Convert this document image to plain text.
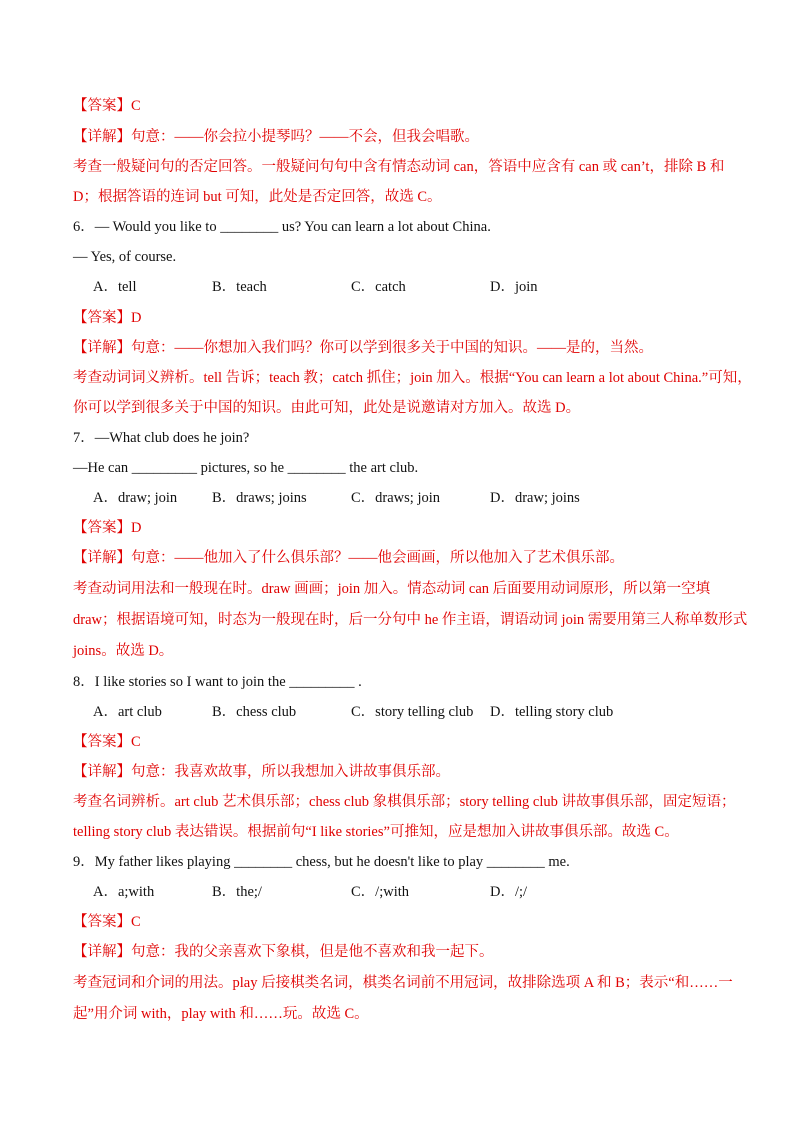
【答案】C
【详解】句意：——你会拉小提琴吗？——不会，但我会唱歌。
考查一般疑问句的否定回答。一般疑问句句中含有情态动词 can，答语中应含有 can 或 can’t，排除 B 和
D；根据答语的连词 but 可知，此处是否定回答，故选 C。
6．— Would you like to ________ us? You can learn a lot about China.
— Yes, of course.
A．tell	B．teach	C．catch	D．join
【答案】D
【详解】句意：——你想加入我们吗？你可以学到很多关于中国的知识。——是的，当然。
考查动词词义辨析。tell 告诉；teach 教；catch 抓住；join 加入。根据“You can learn a lot about China.”可知，
你可以学到很多关于中国的知识。由此可知，此处是说邀请对方加入。故选 D。
7．—What club does he join?
—He can _________ pictures, so he ________ the art club.
A．draw; join B．draws; joins	C．draws; join	D．draw; joins
【答案】D
【详解】句意：——他加入了什么俱乐部？——他会画画，所以他加入了艺术俱乐部。
考查动词用法和一般现在时。draw 画画；join 加入。情态动词 can 后面要用动词原形，所以第一空填
draw；根据语境可知，时态为一般现在时，后一分句中 he 作主语，谓语动词 join 需要用第三人称单数形式
joins。故选 D。
8．I like stories so I want to join the _________ .
A．art club	B．chess club	C．story telling club D．telling story club
【答案】C
【详解】句意：我喜欢故事，所以我想加入讲故事俱乐部。
考查名词辨析。art club 艺术俱乐部；chess club 象棋俱乐部；story telling club 讲故事俱乐部，固定短语；
telling story club 表达错误。根据前句“I like stories”可推知，应是想加入讲故事俱乐部。故选 C。
9．My father likes playing ________ chess, but he doesn't like to play ________ me.
A．a;with	B．the;/	C．/;with	D．/;/
【答案】C
【详解】句意：我的父亲喜欢下象棋，但是他不喜欢和我一起下。
考查冠词和介词的用法。play 后接棋类名词，棋类名词前不用冠词，故排除选项 A 和 B；表示“和……一
起”用介词 with，play with 和……玩。故选 C。
